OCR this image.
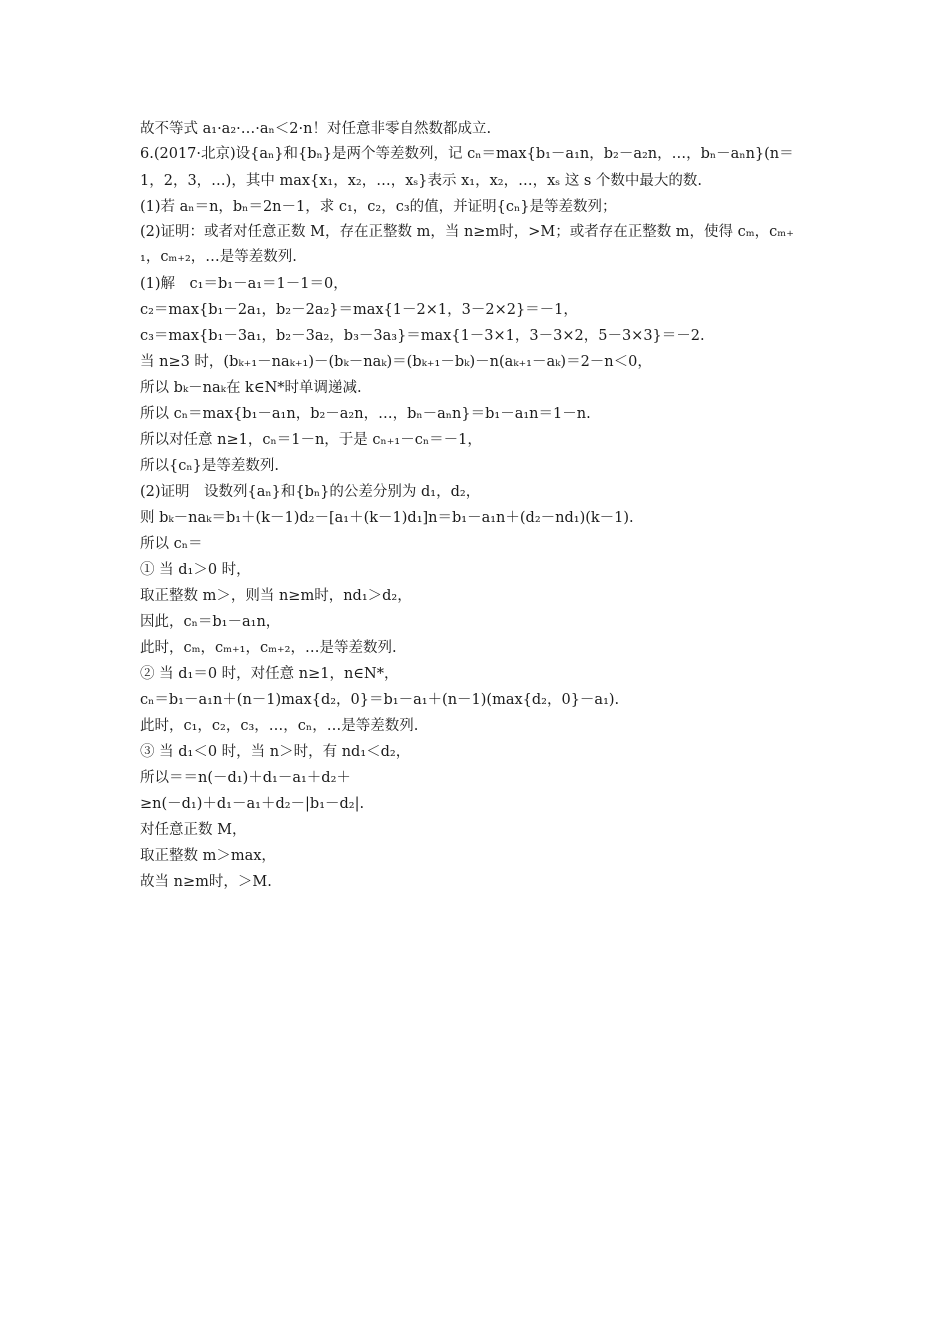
故不等式 a₁·a₂·…·aₙ＜2·n！对任意非零自然数都成立.
6.(2017·北京)设{aₙ}和{bₙ}是两个等差数列，记 cₙ＝max{b₁－a₁n，b₂－a₂n，…，bₙ－aₙn}(n＝
1，2，3，…)，其中 max{x₁，x₂，…，xₛ}表示 x₁，x₂，…，xₛ 这 s 个数中最大的数.
(1)若 aₙ＝n，bₙ＝2n－1，求 c₁，c₂，c₃的值，并证明{cₙ}是等差数列；
(2)证明：或者对任意正数 M，存在正整数 m，当 n≥m时，>M；或者存在正整数 m，使得 cₘ，cₘ₊
₁，cₘ₊₂，…是等差数列.
(1)解　c₁＝b₁－a₁＝1－1＝0，
c₂＝max{b₁－2a₁，b₂－2a₂}＝max{1－2×1，3－2×2}＝－1，
c₃＝max{b₁－3a₁，b₂－3a₂，b₃－3a₃}＝max{1－3×1，3－3×2，5－3×3}＝－2.
当 n≥3 时，(bₖ₊₁－naₖ₊₁)－(bₖ－naₖ)＝(bₖ₊₁－bₖ)－n(aₖ₊₁－aₖ)＝2－n＜0，
所以 bₖ－naₖ在 k∈N*时单调递减.
所以 cₙ＝max{b₁－a₁n，b₂－a₂n，…，bₙ－aₙn}＝b₁－a₁n＝1－n.
所以对任意 n≥1，cₙ＝1－n，于是 cₙ₊₁－cₙ＝－1，
所以{cₙ}是等差数列.
(2)证明　设数列{aₙ}和{bₙ}的公差分别为 d₁，d₂，
则 bₖ－naₖ＝b₁＋(k－1)d₂－[a₁＋(k－1)d₁]n＝b₁－a₁n＋(d₂－nd₁)(k－1).
所以 cₙ＝
① 当 d₁＞0 时，
取正整数 m＞，则当 n≥m时，nd₁＞d₂，
因此，cₙ＝b₁－a₁n，
此时，cₘ，cₘ₊₁，cₘ₊₂，…是等差数列.
② 当 d₁＝0 时，对任意 n≥1，n∈N*，
cₙ＝b₁－a₁n＋(n－1)max{d₂，0}＝b₁－a₁＋(n－1)(max{d₂，0}－a₁).
此时，c₁，c₂，c₃，…，cₙ，…是等差数列.
③ 当 d₁＜0 时，当 n＞时，有 nd₁＜d₂，
所以＝＝n(－d₁)＋d₁－a₁＋d₂＋
≥n(－d₁)＋d₁－a₁＋d₂－|b₁－d₂|.
对任意正数 M，
取正整数 m＞max，
故当 n≥m时，＞M.
